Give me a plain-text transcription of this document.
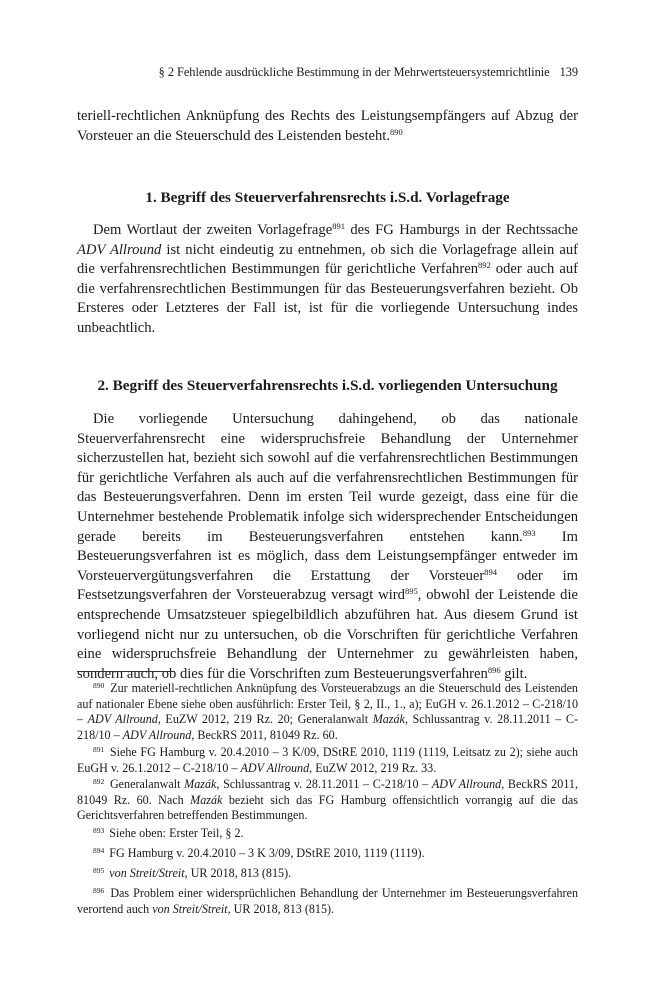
§ 2 Fehlende ausdrückliche Bestimmung in der Mehrwertsteuersystemrichtlinie 139

teriell-rechtlichen Anknüpfung des Rechts des Leistungsempfängers auf Abzug der Vorsteuer an die Steuerschuld des Leistenden besteht.$^{890}$

1. Begriff des Steuerverfahrensrechts i.S.d. Vorlagefrage

Dem Wortlaut der zweiten Vorlagefrage$^{891}$ des FG Hamburgs in der Rechtssache ADV Allround ist nicht eindeutig zu entnehmen, ob sich die Vorlagefrage allein auf die verfahrensrechtlichen Bestimmungen für gerichtliche Verfahren$^{892}$ oder auch auf die verfahrensrechtlichen Bestimmungen für das Besteuerungsverfahren bezieht. Ob Ersteres oder Letzteres der Fall ist, ist für die vorliegende Untersuchung indes unbeachtlich.

2. Begriff des Steuerverfahrensrechts i.S.d. vorliegenden Untersuchung

Die vorliegende Untersuchung dahingehend, ob das nationale Steuerverfahrensrecht eine widerspruchsfreie Behandlung der Unternehmer sicherzustellen hat, bezieht sich sowohl auf die verfahrensrechtlichen Bestimmungen für gerichtliche Verfahren als auch auf die verfahrensrechtlichen Bestimmungen für das Besteuerungsverfahren. Denn im ersten Teil wurde gezeigt, dass eine für die Unternehmer bestehende Problematik infolge sich widersprechender Entscheidungen gerade bereits im Besteuerungsverfahren entstehen kann.$^{893}$ Im Besteuerungsverfahren ist es möglich, dass dem Leistungsempfänger entweder im Vorsteuervergütungsverfahren die Erstattung der Vorsteuer$^{894}$ oder im Festsetzungsverfahren der Vorsteuerabzug versagt wird$^{895}$, obwohl der Leistende die entsprechende Umsatzsteuer spiegelbildlich abzuführen hat. Aus diesem Grund ist vorliegend nicht nur zu untersuchen, ob die Vorschriften für gerichtliche Verfahren eine widerspruchsfreie Behandlung der Unternehmer zu gewährleisten haben, sondern auch, ob dies für die Vorschriften zum Besteuerungsverfahren$^{896}$ gilt.

$^{890}$ Zur materiell-rechtlichen Anknüpfung des Vorsteuerabzugs an die Steuerschuld des Leistenden auf nationaler Ebene siehe oben ausführlich: Erster Teil, § 2, II., 1., a); EuGH v. 26.1.2012 – C-218/10 – ADV Allround, EuZW 2012, 219 Rz. 20; Generalanwalt Mazák, Schlussantrag v. 28.11.2011 – C-218/10 – ADV Allround, BeckRS 2011, 81049 Rz. 60.

$^{891}$ Siehe FG Hamburg v. 20.4.2010 – 3 K/09, DStRE 2010, 1119 (1119, Leitsatz zu 2); siehe auch EuGH v. 26.1.2012 – C-218/10 – ADV Allround, EuZW 2012, 219 Rz. 33.

$^{892}$ Generalanwalt Mazák, Schlussantrag v. 28.11.2011 – C-218/10 – ADV Allround, BeckRS 2011, 81049 Rz. 60. Nach Mazák bezieht sich das FG Hamburg offensichtlich vorrangig auf die das Gerichtsverfahren betreffenden Bestimmungen.

$^{893}$ Siehe oben: Erster Teil, § 2.

$^{894}$ FG Hamburg v. 20.4.2010 – 3 K 3/09, DStRE 2010, 1119 (1119).

$^{895}$ von Streit/Streit, UR 2018, 813 (815).

$^{896}$ Das Problem einer widersprüchlichen Behandlung der Unternehmer im Besteuerungsverfahren verortend auch von Streit/Streit, UR 2018, 813 (815).
